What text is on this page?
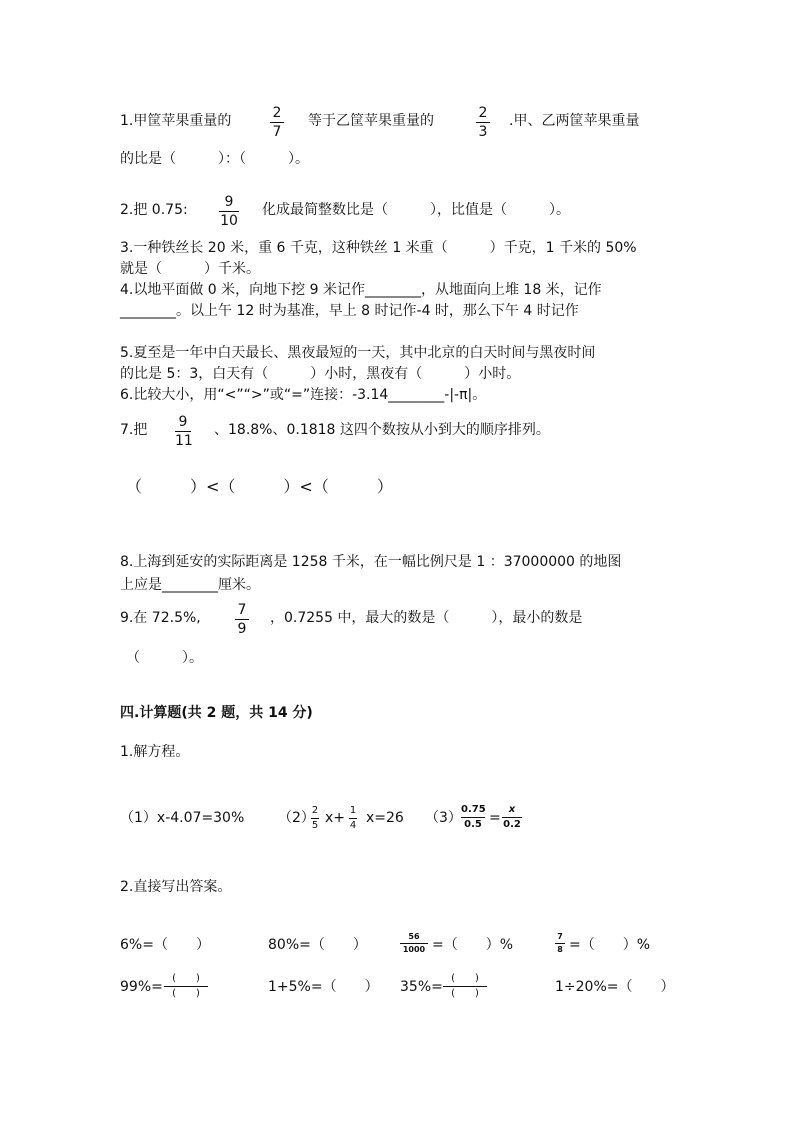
1.甲筐苹果重量的	2
7
等于乙筐苹果重量的	2
3
.甲、乙两筐苹果重量
的比是（　　　）：（　　　）。
2.把 0.75:	9
10
化成最简整数比是（　　　），比值是（　　　）。
3.一种铁丝长 20 米，重 6 千克，这种铁丝 1 米重（　　　）千克，1 千米的 50%
就是（　　　）千米。
4.以地平面做 0 米，向地下挖 9 米记作________，从地面向上堆 18 米，记作
________。以上午 12 时为基准，早上 8 时记作-4 时，那么下午 4 时记作
5.夏至是一年中白天最长、黑夜最短的一天，其中北京的白天时间与黑夜时间
的比是 5：3，白天有（　　　）小时，黑夜有（　　　）小时。
6.比较大小，用“<”“>”或“=”连接：-3.14________-|-π|。
7.把 9
11
、18.8%、0.1818 这四个数按从小到大的顺序排列。
（　　　）<（　　　）<（　　　）
8.上海到延安的实际距离是 1258 千米，在一幅比例尺是 1 ：37000000 的地图
上应是________厘米。
9.在 72.5%,	7
9
，0.7255 中，最大的数是（　　　），最小的数是
（　　　）。
四.计算题(共 2 题，共 14 分)
1.解方程。
（1）x-4.07=30% （2）
2
5 x+ 1
4 x=26 （3）
0.75
0.5 =
x
0.2
2.直接写出答案。
6%=（　　）	80%=（　　）
56
1000 =（　　）%
7
8 =（　　）%
99%=
(　　)
(　　)	1+5%=（　　） 35%=
(　　)
(　　)	1÷20%=（　　）
